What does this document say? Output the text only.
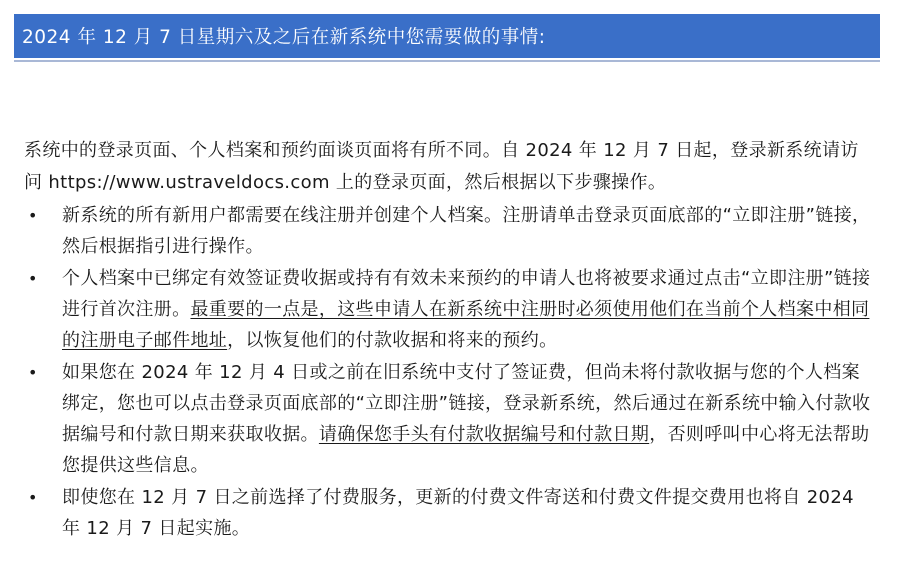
2024 年 12 月 7 日星期六及之后在新系统中您需要做的事情:

系统中的登录页面、个人档案和预约面谈页面将有所不同。自 2024 年 12 月 7 日起，登录新系统请访问 https://www.ustraveldocs.com 上的登录页面，然后根据以下步骤操作。

• 新系统的所有新用户都需要在线注册并创建个人档案。注册请单击登录页面底部的“立即注册”链接，然后根据指引进行操作。
• 个人档案中已绑定有效签证费收据或持有有效未来预约的申请人也将被要求通过点击“立即注册”链接进行首次注册。最重要的一点是，这些申请人在新系统中注册时必须使用他们在当前个人档案中相同的注册电子邮件地址，以恢复他们的付款收据和将来的预约。
• 如果您在 2024 年 12 月 4 日或之前在旧系统中支付了签证费，但尚未将付款收据与您的个人档案绑定，您也可以点击登录页面底部的“立即注册”链接，登录新系统，然后通过在新系统中输入付款收据编号和付款日期来获取收据。请确保您手头有付款收据编号和付款日期，否则呼叫中心将无法帮助您提供这些信息。
• 即使您在 12 月 7 日之前选择了付费服务，更新的付费文件寄送和付费文件提交费用也将自 2024 年 12 月 7 日起实施。
